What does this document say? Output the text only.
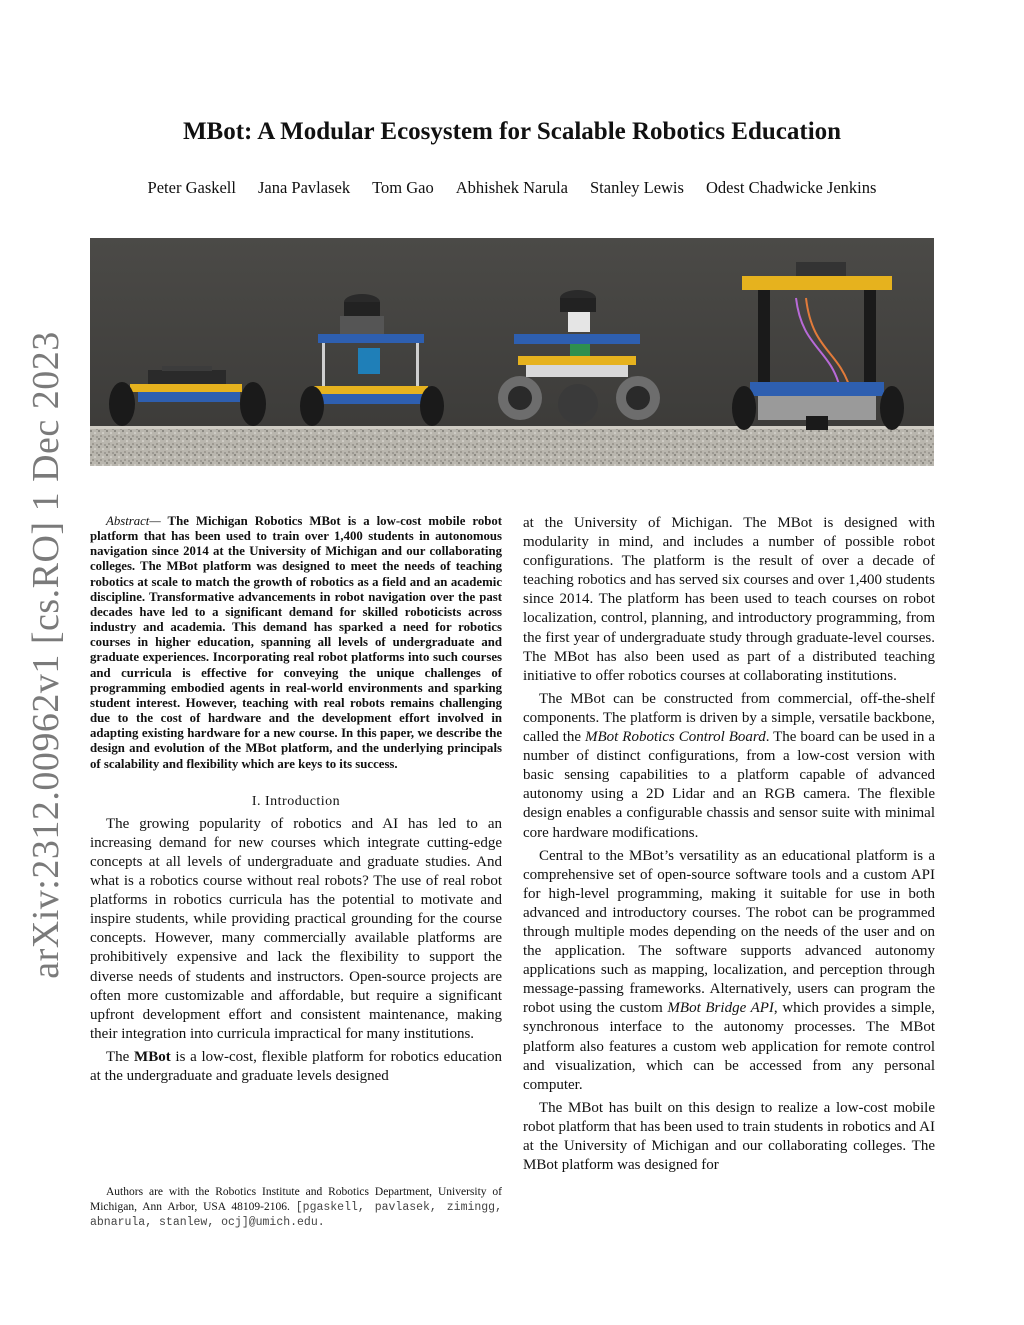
arXiv:2312.00962v1 [cs.RO] 1 Dec 2023
MBot: A Modular Ecosystem for Scalable Robotics Education
Peter Gaskell Jana Pavlasek Tom Gao Abhishek Narula Stanley Lewis Odest Chadwicke Jenkins

Abstract— The Michigan Robotics MBot is a low-cost mobile robot platform that has been used to train over 1,400 students in autonomous navigation since 2014 at the University of Michigan and our collaborating colleges. The MBot platform was designed to meet the needs of teaching robotics at scale to match the growth of robotics as a field and an academic discipline. Transformative advancements in robot navigation over the past decades have led to a significant demand for skilled roboticists across industry and academia. This demand has sparked a need for robotics courses in higher education, spanning all levels of undergraduate and graduate experiences. Incorporating real robot platforms into such courses and curricula is effective for conveying the unique challenges of programming embodied agents in real-world environments and sparking student interest. However, teaching with real robots remains challenging due to the cost of hardware and the development effort involved in adapting existing hardware for a new course. In this paper, we describe the design and evolution of the MBot platform, and the underlying principals of scalability and flexibility which are keys to its success.

I. Introduction

The growing popularity of robotics and AI has led to an increasing demand for new courses which integrate cutting-edge concepts at all levels of undergraduate and graduate studies. And what is a robotics course without real robots? The use of real robot platforms in robotics curricula has the potential to motivate and inspire students, while providing practical grounding for the course concepts. However, many commercially available platforms are prohibitively expensive and lack the flexibility to support the diverse needs of students and instructors. Open-source projects are often more customizable and affordable, but require a significant upfront development effort and consistent maintenance, making their integration into curricula impractical for many institutions.

The MBot is a low-cost, flexible platform for robotics education at the undergraduate and graduate levels designed

Authors are with the Robotics Institute and Robotics Department, University of Michigan, Ann Arbor, USA 48109-2106. [pgaskell, pavlasek, zimingg, abnarula, stanlew, ocj]@umich.edu.

at the University of Michigan. The MBot is designed with modularity in mind, and includes a number of possible robot configurations. The platform is the result of over a decade of teaching robotics and has served six courses and over 1,400 students since 2014. The platform has been used to teach courses on robot localization, control, planning, and introductory programming, from the first year of undergraduate study through graduate-level courses. The MBot has also been used as part of a distributed teaching initiative to offer robotics courses at collaborating institutions.

The MBot can be constructed from commercial, off-the-shelf components. The platform is driven by a simple, versatile backbone, called the MBot Robotics Control Board. The board can be used in a number of distinct configurations, from a low-cost version with basic sensing capabilities to a platform capable of advanced autonomy using a 2D Lidar and an RGB camera. The flexible design enables a configurable chassis and sensor suite with minimal core hardware modifications.

Central to the MBot’s versatility as an educational platform is a comprehensive set of open-source software tools and a custom API for high-level programming, making it suitable for use in both advanced and introductory courses. The robot can be programmed through multiple modes depending on the needs of the user and on the application. The software supports advanced autonomy applications such as mapping, localization, and perception through message-passing frameworks. Alternatively, users can program the robot using the custom MBot Bridge API, which provides a simple, synchronous interface to the autonomy processes. The MBot platform also features a custom web application for remote control and visualization, which can be accessed from any personal computer.

The MBot has built on this design to realize a low-cost mobile robot platform that has been used to train students in robotics and AI at the University of Michigan and our collaborating colleges. The MBot platform was designed for
